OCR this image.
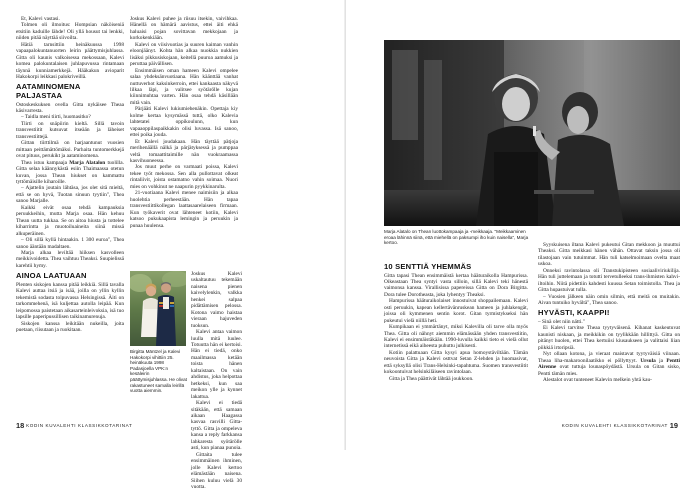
Et, Kalevi vastasi.

Tolmen oli ilmoitus: Hompsian näköiseniä etsitiin kaduille lähde! Oli yllä housut tai lenkki, niiden pitää näyttää siivoilta.

Hätiä tarnsittiin heinäkuussa 1998 vapaapalokuntanuorten leirin päättymisjuhlassa. Gitta oli kaunis valkoisessa mekossaan, Kalevi komea palokuntalaisen juhlapuvussa rintamaan täynnä kunniamerkkejä. Hääkakun avioparit Hakokorpi leikkasi palokriveillä.

AATAMINOMENA PALJASTAA

Ostoskeskuksen ovella Gitta nykäisee Theaa käsivarresta.

– Taidla meni tiirti, huomasitko?

Tiirti on snäpiirin kieltä. Sillä tavoin transvestiitit kutsuvat itseään ja läheiset transvestiittejä.

Gittan tiirttilmä on harjaantunut vuosien mittaan peittämättömäksi. Parhaita tuntomerkkejä ovat pituus, perukikt ja aataminomena.

Thea istuu kampaaja Marja Alatalon tuolilla. Gitta selaa käännykästä esiin Thaimaassa otetun kuvan, jossa Thean hiukset on kammattu tyttömäisille kiharoille.

– Ajattelin joutain lähtäsa, jos olet sitä mieltä, että se on hyvä, Tuotan sinuun tyytiin", Thea sanoo Marjalle.

Kaikki eivät osaa tehdä kampauksia peruukkeihin, mutta Marja osaa. Hän kehuu Thean uutta tukkaa. Se on aitoa hiusta ja tottelee kiharrintta ja muotoiluaineita siinä missä alkuperäinen.

– Oli sillä kyllä hintaakin. 1 300 euroa", Thea sanoo ääntään madaltaen.

Marja alkaa leviltää hiiksen kasvolleen meikkivoidetta. Thea vaihtuu Theaksi. Suupielissä karehtii hymy.

AINOA LAATUAAN

Plenten siskojen kanssa pitää leikkiä. Sillä tavalla Kalevi auttaa itsiä ja isää, joilla on yllin kyllin tekemistä sodasta toipuvassa Helsingissä. Äiti on tarkommehenä, isä kuljettaa autolla leipää. Kun leipomossa paistetaan aikasarteinleivoksia, isä tuo lapsille paperipussillisen taikinamurenuja.

Siskojen kanssa leikitään nukeilla, joita puetaan, riisutaan ja ruokitaan.

Joskus Kalevi puhee ja riisuu itsekin, vaivihkaa. Hänellä on hämärä aavistus, ettei äiti ehkä haluaisi pojan sovittavan mekkojaan ja korkokenkiään.

Kalevi on viisivuotias ja suuren kaiman vanhin eloonjäänyt. Kohta hän alkaa nuokkia nukkien lisäksi pikkusiskojaan, keitellä puuroa aamuksi ja peruttaa päivällisen.

Ensimmäisen oman hameen Kalevi ompelee salaa yhdeksänvuotiaana. Hän käänttää vanhat nuttuverhot kaksinkerroin, ettei kankaasta näkyvä lilkaa läpi, ja valitsee syötärölle kujan kiinnimuhtaa varten. Hän osaa tehdä käsillään mitä vain.

Pärjääti Kalevi lukiumiehenäkin. Opettaja kiy kolme kertaa kysymässä tuttä, olko Kalevia lahtetatei oppikoulunn, kun vapaaoppilaspaikkakin olisi luvassa. Isä sanoo, ettei poika jouda.

Et Kalevi joudakaan. Hän täyttää pätjoja merihenäällä nälkä ja pärjätyksessä ja pumppaa veltä tomaattitaimille nän vuokraamassa kasvihuoneessa.

Jos muut perhe on varmaati poissa, Kalevi tekee työt mekossa. Sen alla pullottavat olkeat rintaliivit, joista ostamatno vahin soimaa. Nuori mies on vohkinut ne naapurin pyykkinarulta.

21-vuotiaana Kalevi menee naimisiin ja alkaa huolehtia perheestään. Hän tapaa transvestiittikollegan laattasaarelaiseen firmaan. Kun työkaverit ovat lähteneet kotiin, Kalevi katsoo pukukaapista lemingin ja peruukin ja punaa huulensa.

Joskus Kalevi uskaltautuu tekemään naisena pienen kaivelylenkin, valkka henkei salpaa pidättämisen pelossa. Kotona vaimo haistaa vieraan hajuveden tuoksun.

Kalevi antaa vaimon luulla mitä luulee. Totuutta hän ei kertoisi. Hän ei tiedä, onko maailmassa ketään toista hänen kaltaistaan. On vain ahdistus, joka helpottaa hetkeksi, kun saa meikon ylle ja kynnet lakattua.

Kalevi ei tiedä sitäkään, että samaan aikaan Haagassa kasvaa rasvilli Gitta-tyttö. Gitta ja ompeleva kansa a reply farkkansa lahkaresta syötärölle asti, kun pianaa punoia.

Gittaita tulee ensimmäinen ihminen, jolle Kalevi kertoo elämästään naisena. Siihen kuluu vielä 30 vuotta.

Birgitta Mäntzel ja Kalevi Hakokorpi vihittiin 25. heinäkuuta 1998 Padasjoella VPK:n kesäleirin päättymisjuhlassa. He olivat rakastuneet samalla leirillä vuotta aiemmin.
18 KODIN KUVALEHTI KLASSIKKOTARINAT
Marja Alatalo on Thean luottokampaaja ja -meikkaaja. "Meikkaaminen eroaa lähinnä siinä, että miehellä on paksumpi iho kuin naisella", Marja kertoo.
10 SENTTIÄ YHEMMÄS

Gitta tapasi Thean ensimmäistä kertaa hääturaikolla Hampurissa. Oikeastaan Thea syntyi vasta silloin, sillä Kalevi teki hänestä vaimonsa kanssa. Virallisissa papereissa Gitta on Dora Birgitta. Dora tulee Dorotheasta, joka lyhentyy Theaksi.

Hampurissa hääturaikolaiset innostuivat shoppailemaan. Kalevi osti peruukin, kapean kellertävänruskean hameen ja juhlakengät, joissa oli kymmenen sentin korot. Gitan tyrmistykseksi hän pukeutui vielä niillä heti.

Kumpikaan ei ymmärtänyt, miksi Kalevilla oli tarve olla myös Thea. Gitta oli nähnyt aiemmin elämässään yhden transvestiitin, Kalevi ei ensimmäistäkään. 1990-luvulla kaikki tieto ei vielä ollut internetissä eikä aiheesta puhuttu julkisesti.

Kotiin palattuaan Gitta kysyi apua homoystäviltään. Tämän neuvoista Gitta ja Kalevi osttvat Setan Z-lehden ja huomasivat, että syksyllä olisi Trans-Helsinki-tapahtuma. Suomen transvestiitit kokoontuivat helsinkiläiseen ravintolaan.

Gitta ja Thea päättivät lähtää joukkoon.

Syyskuisena iltana Kalevi pukeutui Gitan mekkoon ja muuttui Theaksi. Gitta meikkasi hänen vähän. Ottavat taksin jossa oli tilastojaan vain tutuimmat. Hän tuli katselmoimaan ovelta maat uskoa.

Onneksi ravintolassa oli Transtukipisteen sosiaaliviriukilija. Hän tuli juttelemaan ja totutti tervetulleeksi trans-ihmisten kahvi-iltoihin. Niitä pidettiin kahdesti kuussa Setan toimistolla. Thea ja Gitta hupastuivat tulla.

– Vuosien jälkeen näin omin silmin, että meitä on muitakin. Aivan tuntuiko hyvältä", Thea sanoo.

HYVÄSTI, KAAPPI!

– Sinä olet niin nätti."

Ei Kalevi tarvitse Theaa tyytyväisenä. Kihanat kaskeutuvat kaunisti niskaan, ja meikkikin on tyylikkään hillittyä. Gitta on pitänyt huolen, ettei Thea kertuiisi kiusaukseen ja valittaisi liian piikkiä irtoripsiä.

Nyt ollaan kotona, ja vieraat maistavat tyytyväisiä viinaan. Theaa liha-makaroonilaatikko ei pöllyttyyt. Ursula ja Pentti Airenne ovat tuttuja lounaspöydästä. Ursula on Gitan sisko, Pentti tämän mies.

Alestalot ovat tunteneet Kalevin melkein yhtä kau-

KODIN KUVALEHTI KLASSIKKOTARINAT 19
